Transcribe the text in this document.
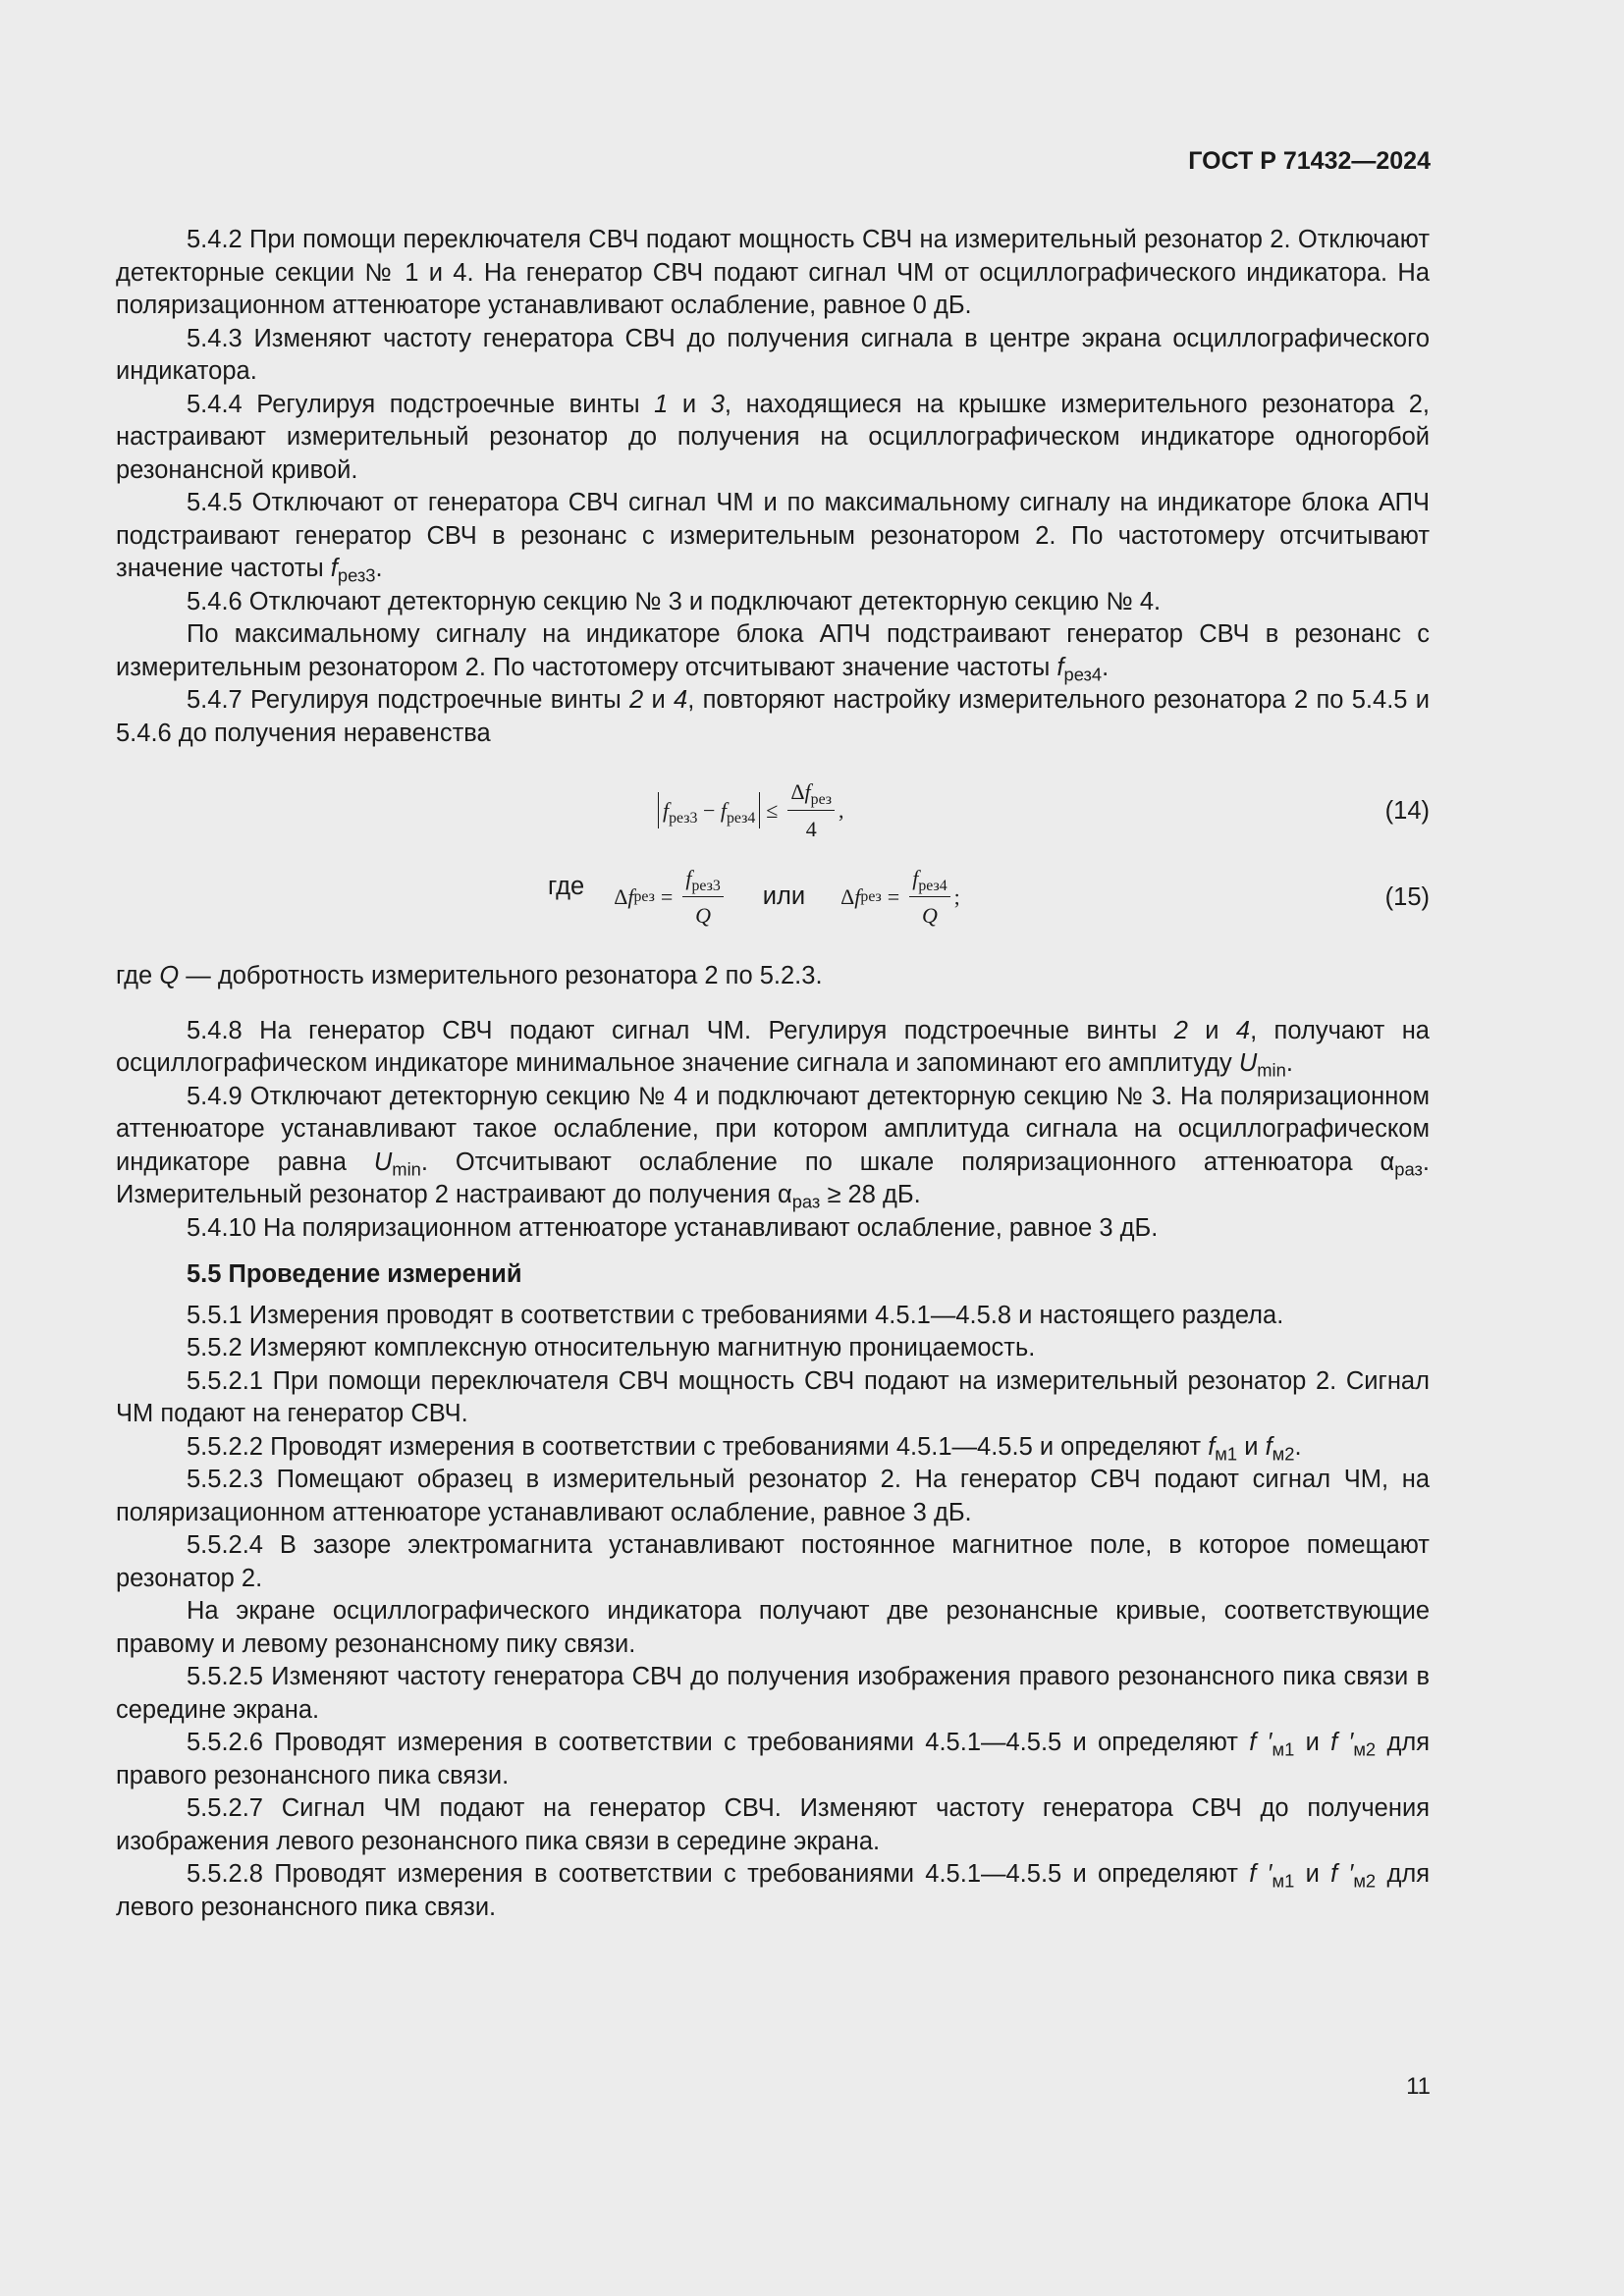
ГОСТ Р 71432—2024

5.4.2 При помощи переключателя СВЧ подают мощность СВЧ на измерительный резонатор 2. Отключают детекторные секции № 1 и 4. На генератор СВЧ подают сигнал ЧМ от осциллографического индикатора. На поляризационном аттенюаторе устанавливают ослабление, равное 0 дБ.

5.4.3 Изменяют частоту генератора СВЧ до получения сигнала в центре экрана осциллографического индикатора.

5.4.4 Регулируя подстроечные винты 1 и 3, находящиеся на крышке измерительного резонатора 2, настраивают измерительный резонатор до получения на осциллографическом индикаторе одногорбой резонансной кривой.

5.4.5 Отключают от генератора СВЧ сигнал ЧМ и по максимальному сигналу на индикаторе блока АПЧ подстраивают генератор СВЧ в резонанс с измерительным резонатором 2. По частотомеру отсчитывают значение частоты $f_{рез3}$.

5.4.6 Отключают детекторную секцию № 3 и подключают детекторную секцию № 4.

По максимальному сигналу на индикаторе блока АПЧ подстраивают генератор СВЧ в резонанс с измерительным резонатором 2. По частотомеру отсчитывают значение частоты $f_{рез4}$.

5.4.7 Регулируя подстроечные винты 2 и 4, повторяют настройку измерительного резонатора 2 по 5.4.5 и 5.4.6 до получения неравенства

$f_{рез3} - f_{рез4} \le \frac{\Delta f_{рез}}{4}$ ,	(14)
где Δ f рез = $\frac{f_{рез3}}{Q}$ или Δ f рез = $\frac{f_{рез4}}{Q}$ ;	(15)

где Q — добротность измерительного резонатора 2 по 5.2.3.

5.4.8 На генератор СВЧ подают сигнал ЧМ. Регулируя подстроечные винты 2 и 4, получают на осциллографическом индикаторе минимальное значение сигнала и запоминают его амплитуду $U_{min}$.

5.4.9 Отключают детекторную секцию № 4 и подключают детекторную секцию № 3. На поляризационном аттенюаторе устанавливают такое ослабление, при котором амплитуда сигнала на осциллографическом индикаторе равна $U_{min}$. Отсчитывают ослабление по шкале поляризационного аттенюатора $\alpha_{раз}$. Измерительный резонатор 2 настраивают до получения $\alpha_{раз} \ge 28$ дБ.

5.4.10 На поляризационном аттенюаторе устанавливают ослабление, равное 3 дБ.

5.5 Проведение измерений

5.5.1 Измерения проводят в соответствии с требованиями 4.5.1—4.5.8 и настоящего раздела.

5.5.2 Измеряют комплексную относительную магнитную проницаемость.

5.5.2.1 При помощи переключателя СВЧ мощность СВЧ подают на измерительный резонатор 2. Сигнал ЧМ подают на генератор СВЧ.

5.5.2.2 Проводят измерения в соответствии с требованиями 4.5.1—4.5.5 и определяют $f_{м1}$ и $f_{м2}$.

5.5.2.3 Помещают образец в измерительный резонатор 2. На генератор СВЧ подают сигнал ЧМ, на поляризационном аттенюаторе устанавливают ослабление, равное 3 дБ.

5.5.2.4 В зазоре электромагнита устанавливают постоянное магнитное поле, в которое помещают резонатор 2.

На экране осциллографического индикатора получают две резонансные кривые, соответствующие правому и левому резонансному пику связи.

5.5.2.5 Изменяют частоту генератора СВЧ до получения изображения правого резонансного пика связи в середине экрана.

5.5.2.6 Проводят измерения в соответствии с требованиями 4.5.1—4.5.5 и определяют f $'_{м1}$ и f $'_{м2}$ для правого резонансного пика связи.

5.5.2.7 Сигнал ЧМ подают на генератор СВЧ. Изменяют частоту генератора СВЧ до получения изображения левого резонансного пика связи в середине экрана.

5.5.2.8 Проводят измерения в соответствии с требованиями 4.5.1—4.5.5 и определяют f $'_{м1}$ и f $'_{м2}$ для левого резонансного пика связи.

11
